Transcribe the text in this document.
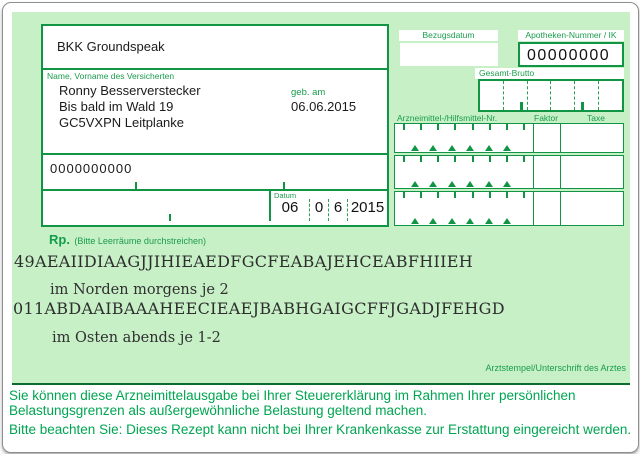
BKK Groundspeak
Name, Vorname des Versicherten
Ronny Besserverstecker
Bis bald im Wald 19
GC5VXPN Leitplanke
geb. am
06.06.2015
0000000000
Datum
06	0 6 2015
Bezugsdatum	Apotheken-Nummer / IK
00000000
Gesamt-Brutto
Arzneimittel-/Hilfsmittel-Nr.	Faktor	Taxe
Rp. (Bitte Leerräume durchstreichen)
49AEAIIDIAAGJJIHIEAEDFGCFEABAJEHCEABFHIIEH
im Norden morgens je 2
011ABDAAIBAAAHEECIEAEJBABHGAIGCFFJGADJFEHGD
im Osten abends je 1-2
Arztstempel/Unterschrift des Arztes
Sie können diese Arzneimittelausgabe bei Ihrer Steuererklärung im Rahmen Ihrer persönlichen
Belastungsgrenzen als außergewöhnliche Belastung geltend machen.
Bitte beachten Sie: Dieses Rezept kann nicht bei Ihrer Krankenkasse zur Erstattung eingereicht werden.
